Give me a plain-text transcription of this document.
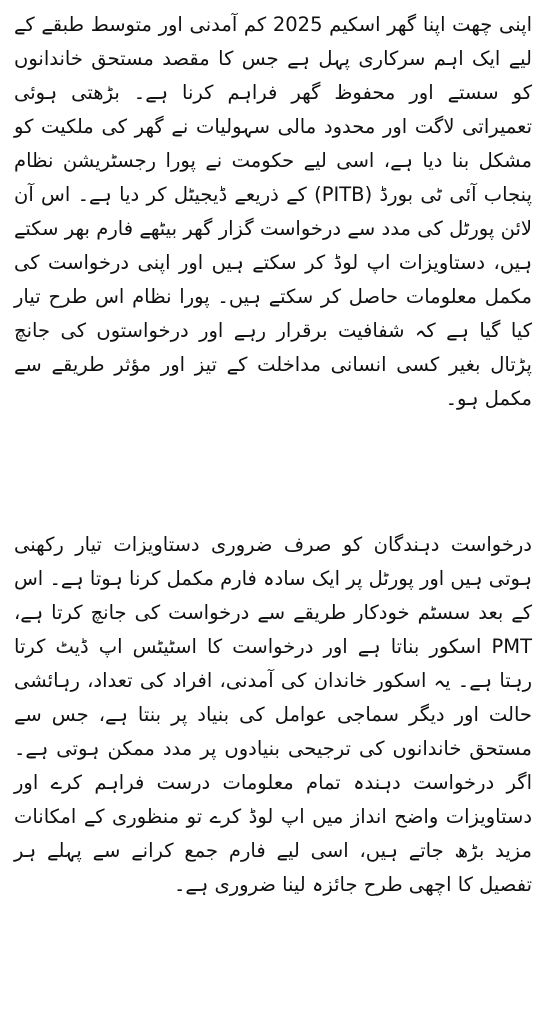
اپنی چھت اپنا گھر اسکیم 2025 کم آمدنی اور متوسط طبقے کے لیے ایک اہم سرکاری پہل ہے جس کا مقصد مستحق خاندانوں کو سستے اور محفوظ گھر فراہم کرنا ہے۔ بڑھتی ہوئی تعمیراتی لاگت اور محدود مالی سہولیات نے گھر کی ملکیت کو مشکل بنا دیا ہے، اسی لیے حکومت نے پورا رجسٹریشن نظام پنجاب آئی ٹی بورڈ (PITB) کے ذریعے ڈیجیٹل کر دیا ہے۔ اس آن لائن پورٹل کی مدد سے درخواست گزار گھر بیٹھے فارم بھر سکتے ہیں، دستاویزات اپ لوڈ کر سکتے ہیں اور اپنی درخواست کی مکمل معلومات حاصل کر سکتے ہیں۔ پورا نظام اس طرح تیار کیا گیا ہے کہ شفافیت برقرار رہے اور درخواستوں کی جانچ پڑتال بغیر کسی انسانی مداخلت کے تیز اور مؤثر طریقے سے مکمل ہو۔

درخواست دہندگان کو صرف ضروری دستاویزات تیار رکھنی ہوتی ہیں اور پورٹل پر ایک سادہ فارم مکمل کرنا ہوتا ہے۔ اس کے بعد سسٹم خودکار طریقے سے درخواست کی جانچ کرتا ہے، PMT اسکور بناتا ہے اور درخواست کا اسٹیٹس اپ ڈیٹ کرتا رہتا ہے۔ یہ اسکور خاندان کی آمدنی، افراد کی تعداد، رہائشی حالت اور دیگر سماجی عوامل کی بنیاد پر بنتا ہے، جس سے مستحق خاندانوں کی ترجیحی بنیادوں پر مدد ممکن ہوتی ہے۔ اگر درخواست دہندہ تمام معلومات درست فراہم کرے اور دستاویزات واضح انداز میں اپ لوڈ کرے تو منظوری کے امکانات مزید بڑھ جاتے ہیں، اسی لیے فارم جمع کرانے سے پہلے ہر تفصیل کا اچھی طرح جائزہ لینا ضروری ہے۔
